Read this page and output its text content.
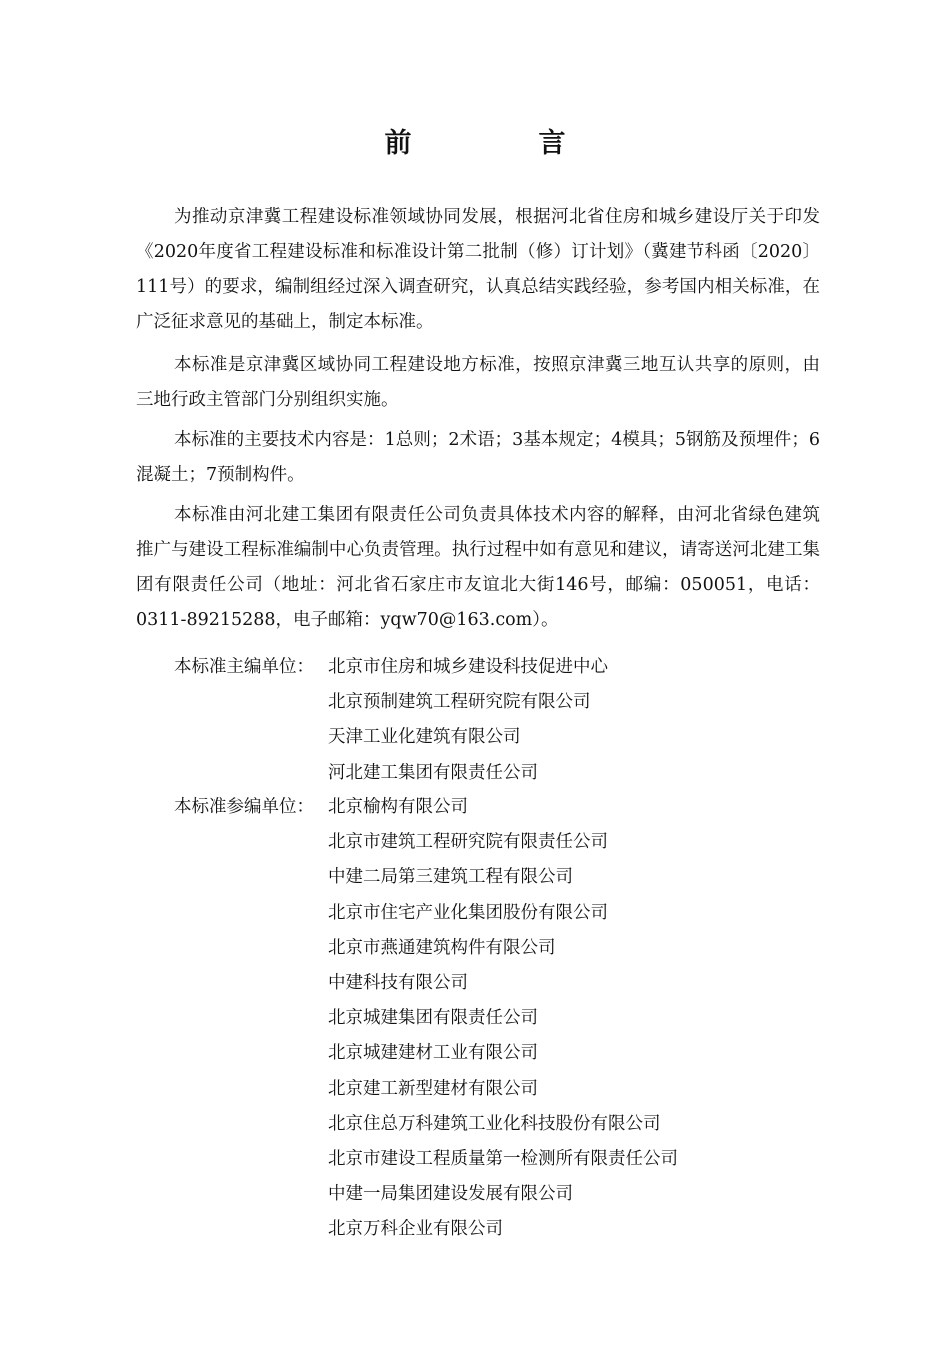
前　言

为推动京津冀工程建设标准领域协同发展，根据河北省住房和城乡建设厅关于印发《2020年度省工程建设标准和标准设计第二批制（修）订计划》（冀建节科函〔2020〕111号）的要求，编制组经过深入调查研究，认真总结实践经验，参考国内相关标准，在广泛征求意见的基础上，制定本标准。

本标准是京津冀区域协同工程建设地方标准，按照京津冀三地互认共享的原则，由三地行政主管部门分别组织实施。

本标准的主要技术内容是：1总则；2术语；3基本规定；4模具；5钢筋及预埋件；6混凝土；7预制构件。

本标准由河北建工集团有限责任公司负责具体技术内容的解释，由河北省绿色建筑推广与建设工程标准编制中心负责管理。执行过程中如有意见和建议，请寄送河北建工集团有限责任公司（地址：河北省石家庄市友谊北大街146号，邮编：050051，电话：0311-89215288，电子邮箱：yqw70@163.com）。

本标准主编单位： 北京市住房和城乡建设科技促进中心
北京预制建筑工程研究院有限公司
天津工业化建筑有限公司
河北建工集团有限责任公司
本标准参编单位： 北京榆构有限公司
北京市建筑工程研究院有限责任公司
中建二局第三建筑工程有限公司
北京市住宅产业化集团股份有限公司
北京市燕通建筑构件有限公司
中建科技有限公司
北京城建集团有限责任公司
北京城建建材工业有限公司
北京建工新型建材有限公司
北京住总万科建筑工业化科技股份有限公司
北京市建设工程质量第一检测所有限责任公司
中建一局集团建设发展有限公司
北京万科企业有限公司
